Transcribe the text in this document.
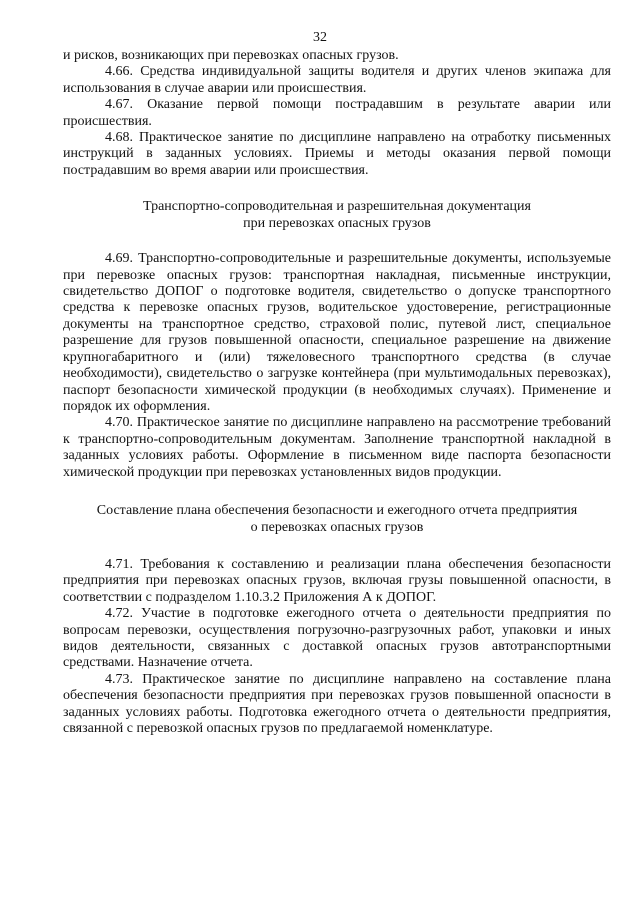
32

и рисков, возникающих при перевозках опасных грузов.

4.66. Средства индивидуальной защиты водителя и других членов экипажа для использования в случае аварии или происшествия.

4.67. Оказание первой помощи пострадавшим в результате аварии или происшествия.

4.68. Практическое занятие по дисциплине направлено на отработку письменных инструкций в заданных условиях. Приемы и методы оказания первой помощи пострадавшим во время аварии или происшествия.

Транспортно-сопроводительная и разрешительная документация
при перевозках опасных грузов

4.69. Транспортно-сопроводительные и разрешительные документы, используемые при перевозке опасных грузов: транспортная накладная, письменные инструкции, свидетельство ДОПОГ о подготовке водителя, свидетельство о допуске транспортного средства к перевозке опасных грузов, водительское удостоверение, регистрационные документы на транспортное средство, страховой полис, путевой лист, специальное разрешение для грузов повышенной опасности, специальное разрешение на движение крупногабаритного и (или) тяжеловесного транспортного средства (в случае необходимости), свидетельство о загрузке контейнера (при мультимодальных перевозках), паспорт безопасности химической продукции (в необходимых случаях). Применение и порядок их оформления.

4.70. Практическое занятие по дисциплине направлено на рассмотрение требований к транспортно-сопроводительным документам. Заполнение транспортной накладной в заданных условиях работы. Оформление в письменном виде паспорта безопасности химической продукции при перевозках установленных видов продукции.

Составление плана обеспечения безопасности и ежегодного отчета предприятия
о перевозках опасных грузов

4.71. Требования к составлению и реализации плана обеспечения безопасности предприятия при перевозках опасных грузов, включая грузы повышенной опасности, в соответствии с подразделом 1.10.3.2 Приложения А к ДОПОГ.

4.72. Участие в подготовке ежегодного отчета о деятельности предприятия по вопросам перевозки, осуществления погрузочно-разгрузочных работ, упаковки и иных видов деятельности, связанных с доставкой опасных грузов автотранспортными средствами. Назначение отчета.

4.73. Практическое занятие по дисциплине направлено на составление плана обеспечения безопасности предприятия при перевозках грузов повышенной опасности в заданных условиях работы. Подготовка ежегодного отчета о деятельности предприятия, связанной с перевозкой опасных грузов по предлагаемой номенклатуре.
